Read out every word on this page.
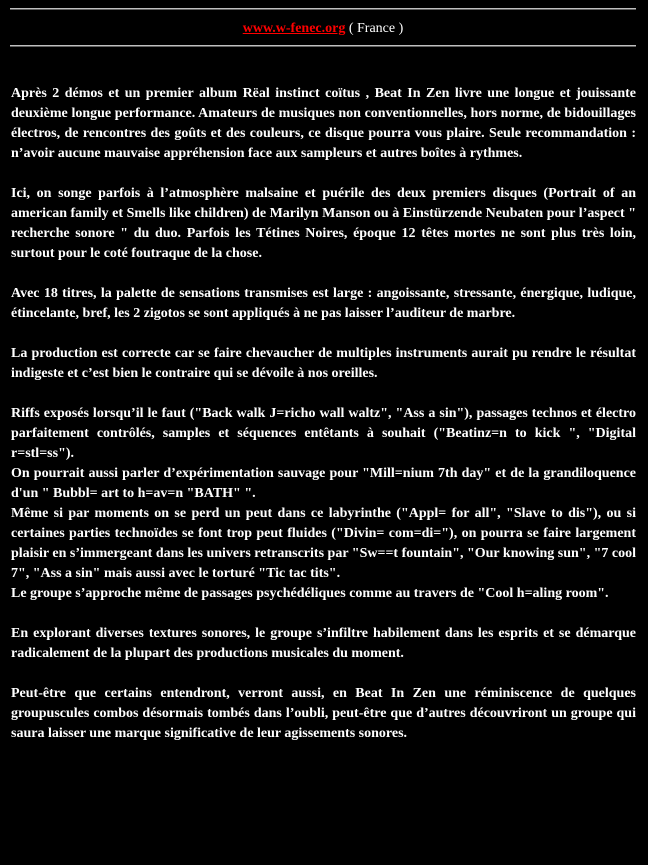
www.w-fenec.org ( France )

Après 2 démos et un premier album Rëal instinct coïtus , Beat In Zen livre une longue et jouissante deuxième longue performance. Amateurs de musiques non conventionnelles, hors norme, de bidouillages électros, de rencontres des goûts et des couleurs, ce disque pourra vous plaire. Seule recommandation : n’avoir aucune mauvaise appréhension face aux sampleurs et autres boîtes à rythmes.

Ici, on songe parfois à l’atmosphère malsaine et puérile des deux premiers disques (Portrait of an american family et Smells like children) de Marilyn Manson ou à Einstürzende Neubaten pour l’aspect " recherche sonore " du duo. Parfois les Tétines Noires, époque 12 têtes mortes ne sont plus très loin, surtout pour le coté foutraque de la chose.

Avec 18 titres, la palette de sensations transmises est large : angoissante, stressante, énergique, ludique, étincelante, bref, les 2 zigotos se sont appliqués à ne pas laisser l’auditeur de marbre.

La production est correcte car se faire chevaucher de multiples instruments aurait pu rendre le résultat indigeste et c’est bien le contraire qui se dévoile à nos oreilles.

Riffs exposés lorsqu’il le faut ("Back walk J=richo wall waltz", "Ass a sin"), passages technos et électro parfaitement contrôlés, samples et séquences entêtants à souhait ("Beatinz=n to kick ", "Digital r=stl=ss").

On pourrait aussi parler d’expérimentation sauvage pour "Mill=nium 7th day" et de la grandiloquence d'un " Bubbl= art to h=av=n "BATH" ".

Même si par moments on se perd un peut dans ce labyrinthe ("Appl= for all", "Slave to dis"), ou si certaines parties technoïdes se font trop peut fluides ("Divin= com=di="), on pourra se faire largement plaisir en s’immergeant dans les univers retranscrits par "Sw==t fountain", "Our knowing sun", "7 cool 7", "Ass a sin" mais aussi avec le torturé "Tic tac tits".

Le groupe s’approche même de passages psychédéliques comme au travers de "Cool h=aling room".

En explorant diverses textures sonores, le groupe s’infiltre habilement dans les esprits et se démarque radicalement de la plupart des productions musicales du moment.

Peut-être que certains entendront, verront aussi, en Beat In Zen une réminiscence de quelques groupuscules combos désormais tombés dans l’oubli, peut-être que d’autres découvriront un groupe qui saura laisser une marque significative de leur agissements sonores.
